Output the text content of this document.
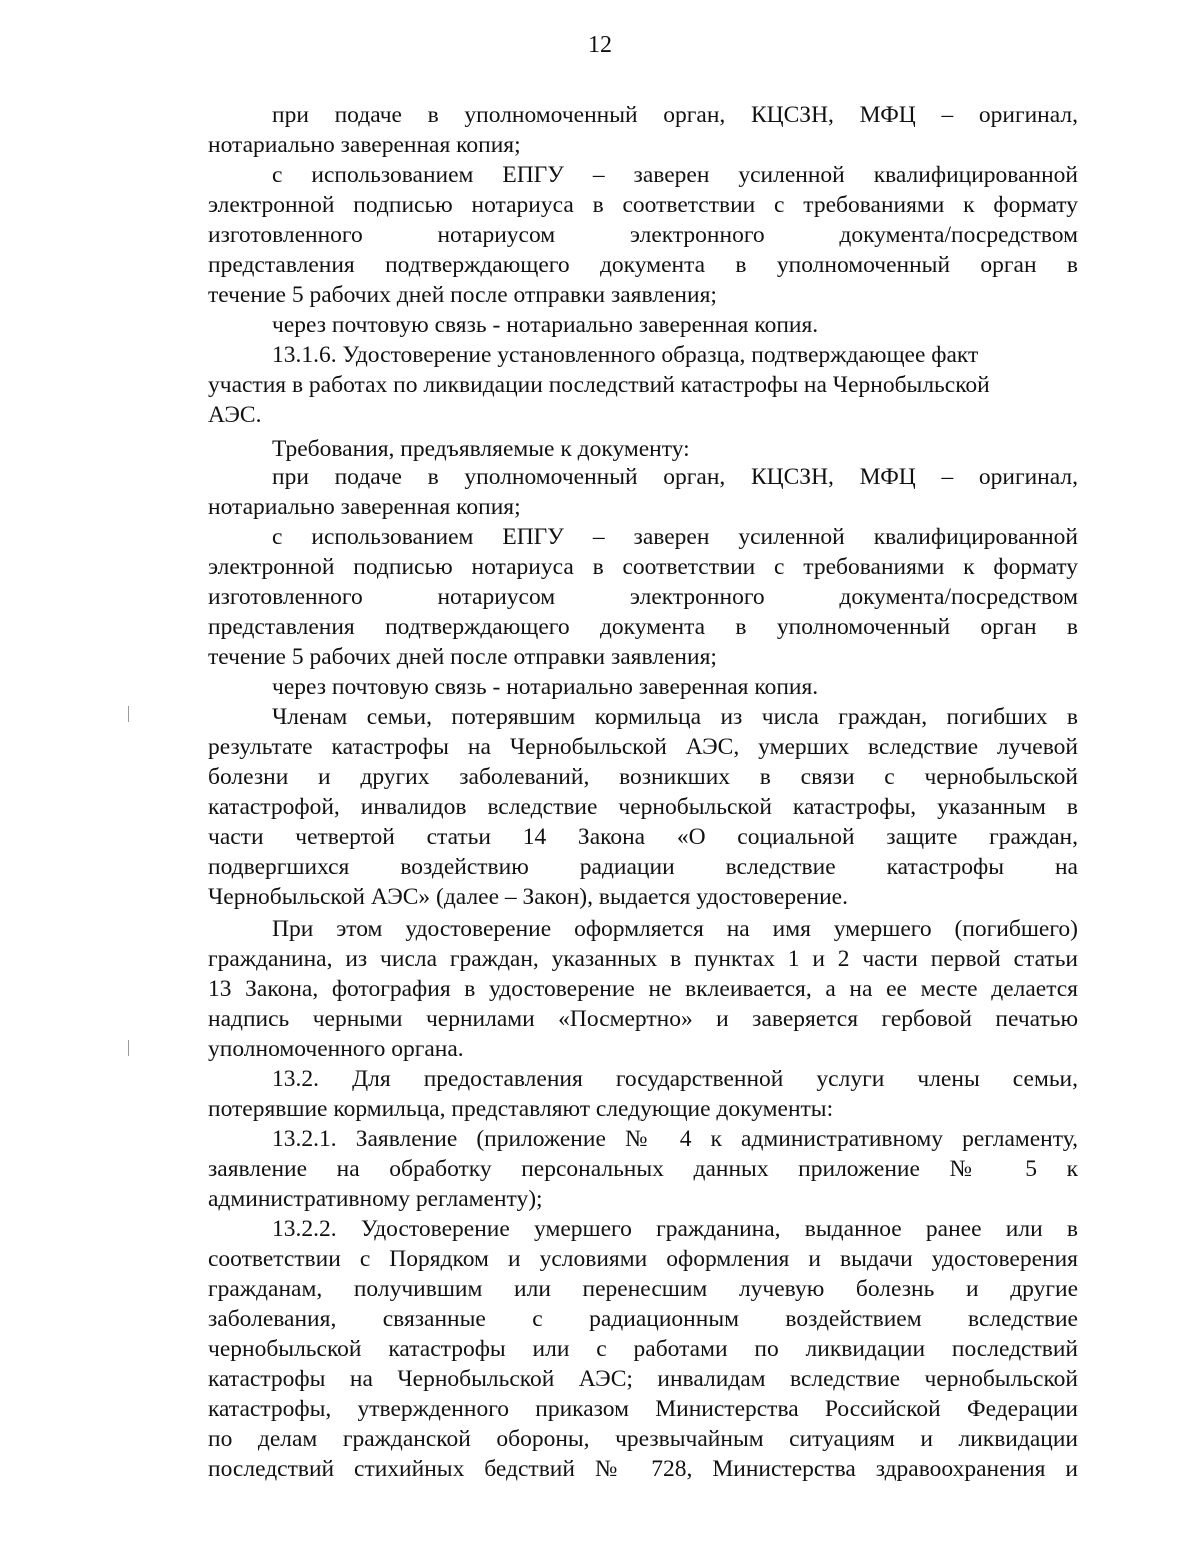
12
при подаче в уполномоченный орган, КЦСЗН, МФЦ – оригинал,
нотариально заверенная копия;
с использованием ЕПГУ – заверен усиленной квалифицированной
электронной подписью нотариуса в соответствии с требованиями к формату
изготовленного нотариусом электронного документа/посредством
представления подтверждающего документа в уполномоченный орган в
течение 5 рабочих дней после отправки заявления;
через почтовую связь - нотариально заверенная копия.
13.1.6. Удостоверение установленного образца, подтверждающее факт
участия в работах по ликвидации последствий катастрофы на Чернобыльской
АЭС.
Требования, предъявляемые к документу:
при подаче в уполномоченный орган, КЦСЗН, МФЦ – оригинал,
нотариально заверенная копия;
с использованием ЕПГУ – заверен усиленной квалифицированной
электронной подписью нотариуса в соответствии с требованиями к формату
изготовленного нотариусом электронного документа/посредством
представления подтверждающего документа в уполномоченный орган в
течение 5 рабочих дней после отправки заявления;
через почтовую связь - нотариально заверенная копия.
Членам семьи, потерявшим кормильца из числа граждан, погибших в
результате катастрофы на Чернобыльской АЭС, умерших вследствие лучевой
болезни и других заболеваний, возникших в связи с чернобыльской
катастрофой, инвалидов вследствие чернобыльской катастрофы, указанным в
части четвертой статьи 14 Закона «О социальной защите граждан,
подвергшихся воздействию радиации вследствие катастрофы на
Чернобыльской АЭС» (далее – Закон), выдается удостоверение.
При этом удостоверение оформляется на имя умершего (погибшего)
гражданина, из числа граждан, указанных в пунктах 1 и 2 части первой статьи
13 Закона, фотография в удостоверение не вклеивается, а на ее месте делается
надпись черными чернилами «Посмертно» и заверяется гербовой печатью
уполномоченного органа.
13.2. Для предоставления государственной услуги члены семьи,
потерявшие кормильца, представляют следующие документы:
13.2.1. Заявление (приложение № 4 к административному регламенту,
заявление на обработку персональных данных приложение № 5 к
административному регламенту);
13.2.2. Удостоверение умершего гражданина, выданное ранее или в
соответствии с Порядком и условиями оформления и выдачи удостоверения
гражданам, получившим или перенесшим лучевую болезнь и другие
заболевания, связанные с радиационным воздействием вследствие
чернобыльской катастрофы или с работами по ликвидации последствий
катастрофы на Чернобыльской АЭС; инвалидам вследствие чернобыльской
катастрофы, утвержденного приказом Министерства Российской Федерации
по делам гражданской обороны, чрезвычайным ситуациям и ликвидации
последствий стихийных бедствий № 728, Министерства здравоохранения и
